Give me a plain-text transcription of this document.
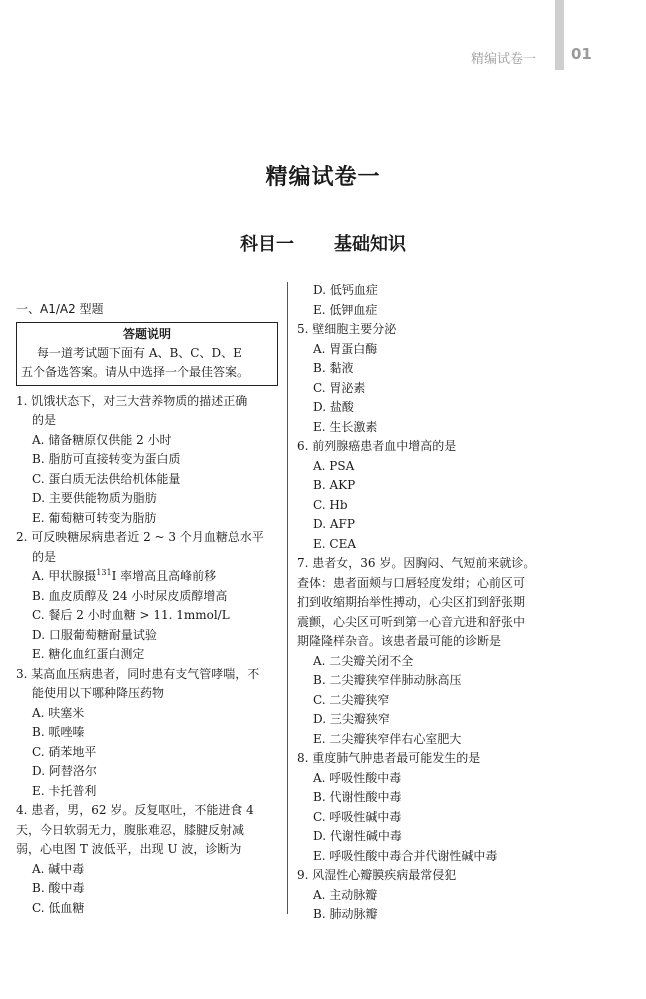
精编试卷一 01
精编试卷一
科目一 基础知识
一、A1/A2 型题
答题说明
每一道考试题下面有 A、B、C、D、E
五个备选答案。请从中选择一个最佳答案。
1. 饥饿状态下，对三大营养物质的描述正确
的是
A. 储备糖原仅供能 2 小时
B. 脂肪可直接转变为蛋白质
C. 蛋白质无法供给机体能量
D. 主要供能物质为脂肪
E. 葡萄糖可转变为脂肪
2. 可反映糖尿病患者近 2 ~ 3 个月血糖总水平
的是
A. 甲状腺摄$^{131}$I 率增高且高峰前移
B. 血皮质醇及 24 小时尿皮质醇增高
C. 餐后 2 小时血糖 > 11. 1mmol/L
D. 口服葡萄糖耐量试验
E. 糖化血红蛋白测定
3. 某高血压病患者，同时患有支气管哮喘，不
能使用以下哪种降压药物
A. 呋塞米
B. 哌唑嗪
C. 硝苯地平
D. 阿替洛尔
E. 卡托普利
4. 患者，男，62 岁。反复呕吐，不能进食 4
天，今日软弱无力，腹胀难忍，膝腱反射减
弱，心电图 T 波低平，出现 U 波，诊断为
A. 碱中毒
B. 酸中毒
C. 低血糖
D. 低钙血症
E. 低钾血症
5. 壁细胞主要分泌
A. 胃蛋白酶
B. 黏液
C. 胃泌素
D. 盐酸
E. 生长激素
6. 前列腺癌患者血中增高的是
A. PSA
B. AKP
C. Hb
D. AFP
E. CEA
7. 患者女，36 岁。因胸闷、气短前来就诊。
查体：患者面颊与口唇轻度发绀；心前区可
扪到收缩期抬举性搏动，心尖区扪到舒张期
震颤，心尖区可听到第一心音亢进和舒张中
期隆隆样杂音。该患者最可能的诊断是
A. 二尖瓣关闭不全
B. 二尖瓣狭窄伴肺动脉高压
C. 二尖瓣狭窄
D. 三尖瓣狭窄
E. 二尖瓣狭窄伴右心室肥大
8. 重度肺气肿患者最可能发生的是
A. 呼吸性酸中毒
B. 代谢性酸中毒
C. 呼吸性碱中毒
D. 代谢性碱中毒
E. 呼吸性酸中毒合并代谢性碱中毒
9. 风湿性心瓣膜疾病最常侵犯
A. 主动脉瓣
B. 肺动脉瓣
